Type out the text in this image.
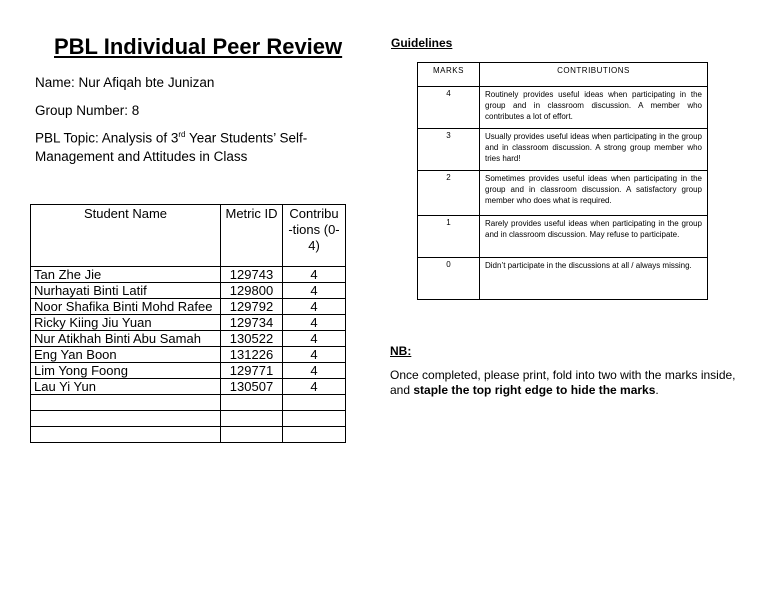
PBL Individual Peer Review
Name: Nur Afiqah bte Junizan
Group Number: 8
PBL Topic: Analysis of 3rd Year Students’ Self-
Management and Attitudes in Class
Student Name	Metric ID	Contribu -tions (0-4)
Tan Zhe Jie	129743	4
Nurhayati Binti Latif	129800	4
Noor Shafika Binti Mohd Rafee	129792	4
Ricky Kiing Jiu Yuan	129734	4
Nur Atikhah Binti Abu Samah	130522	4
Eng Yan Boon	131226	4
Lim Yong Foong	129771	4
Lau Yi Yun	130507	4

Guidelines
MARKS	CONTRIBUTIONS
4	Routinely provides useful ideas when participating in the group and in classroom discussion. A member who contributes a lot of effort.
3	Usually provides useful ideas when participating in the group and in classroom discussion. A strong group member who tries hard!
2	Sometimes provides useful ideas when participating in the group and in classroom discussion. A satisfactory group member who does what is required.
1	Rarely provides useful ideas when participating in the group and in classroom discussion. May refuse to participate.
0	Didn’t participate in the discussions at all / always missing.
NB:
Once completed, please print, fold into two with the marks inside, and staple the top right edge to hide the marks.
